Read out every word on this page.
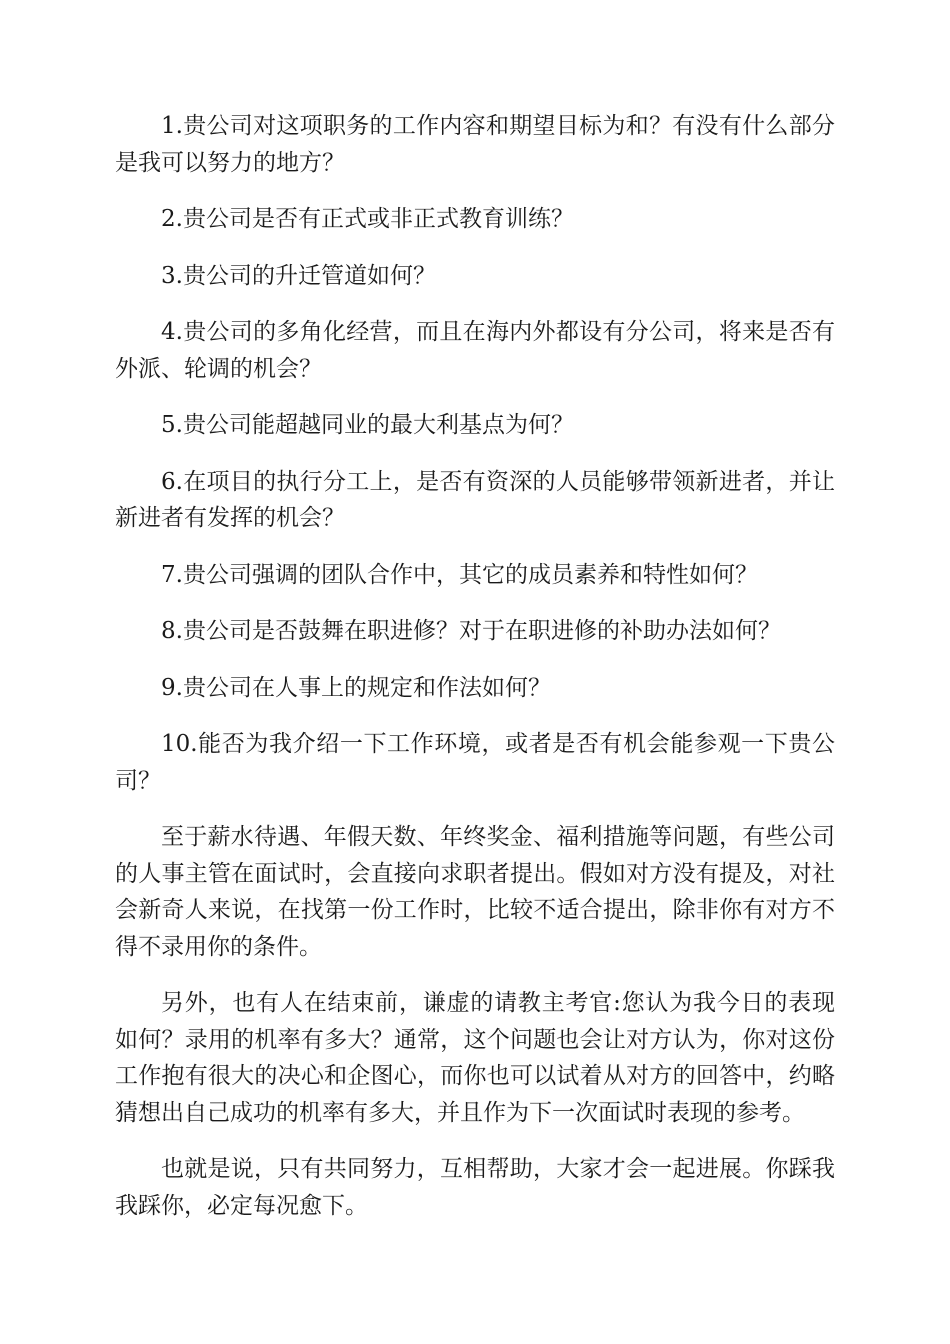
1.贵公司对这项职务的工作内容和期望目标为和？有没有什么部分是我可以努力的地方？

2.贵公司是否有正式或非正式教育训练？

3.贵公司的升迁管道如何？

4.贵公司的多角化经营，而且在海内外都设有分公司，将来是否有外派、轮调的机会？

5.贵公司能超越同业的最大利基点为何？

6.在项目的执行分工上，是否有资深的人员能够带领新进者，并让新进者有发挥的机会？

7.贵公司强调的团队合作中，其它的成员素养和特性如何？

8.贵公司是否鼓舞在职进修？对于在职进修的补助办法如何？

9.贵公司在人事上的规定和作法如何？

10.能否为我介绍一下工作环境，或者是否有机会能参观一下贵公司？

至于薪水待遇、年假天数、年终奖金、福利措施等问题，有些公司的人事主管在面试时，会直接向求职者提出。假如对方没有提及，对社会新奇人来说，在找第一份工作时，比较不适合提出，除非你有对方不得不录用你的条件。

另外，也有人在结束前，谦虚的请教主考官:您认为我今日的表现如何？录用的机率有多大？通常，这个问题也会让对方认为，你对这份工作抱有很大的决心和企图心，而你也可以试着从对方的回答中，约略猜想出自己成功的机率有多大，并且作为下一次面试时表现的参考。

也就是说，只有共同努力，互相帮助，大家才会一起进展。你踩我我踩你，必定每况愈下。
